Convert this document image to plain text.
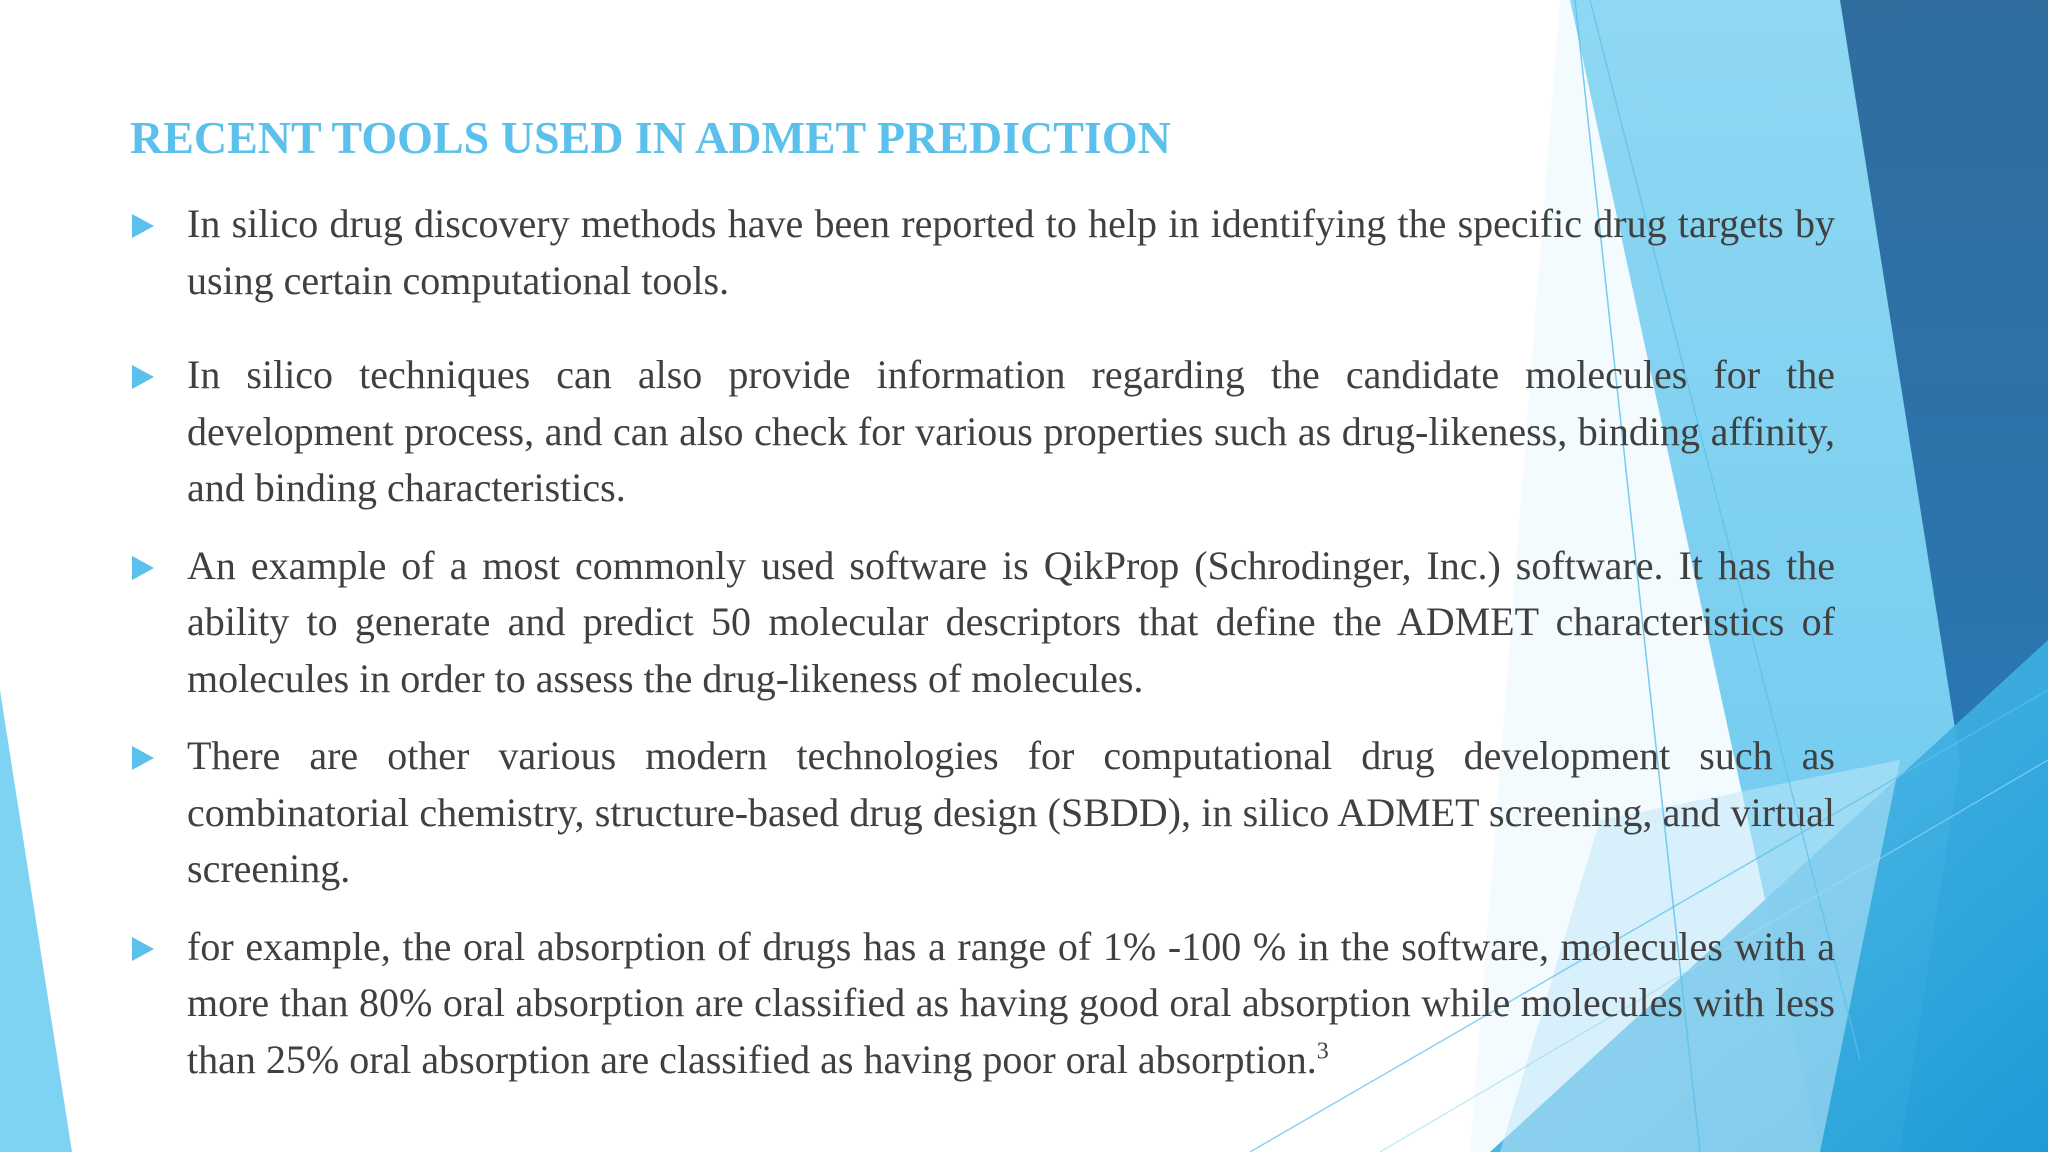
RECENT TOOLS USED IN ADMET PREDICTION
In silico drug discovery methods have been reported to help in identifying the specific drug targets by using certain computational tools.
In silico techniques can also provide information regarding the candidate molecules for the development process, and can also check for various properties such as drug-likeness, binding affinity, and binding characteristics.
An example of a most commonly used software is QikProp (Schrodinger, Inc.) software. It has the ability to generate and predict 50 molecular descriptors that define the ADMET characteristics of molecules in order to assess the drug-likeness of molecules.
There are other various modern technologies for computational drug development such as combinatorial chemistry, structure-based drug design (SBDD), in silico ADMET screening, and virtual screening.
for example, the oral absorption of drugs has a range of 1% -100 % in the software, molecules with a more than 80% oral absorption are classified as having good oral absorption while molecules with less than 25% oral absorption are classified as having poor oral absorption.$^3$
